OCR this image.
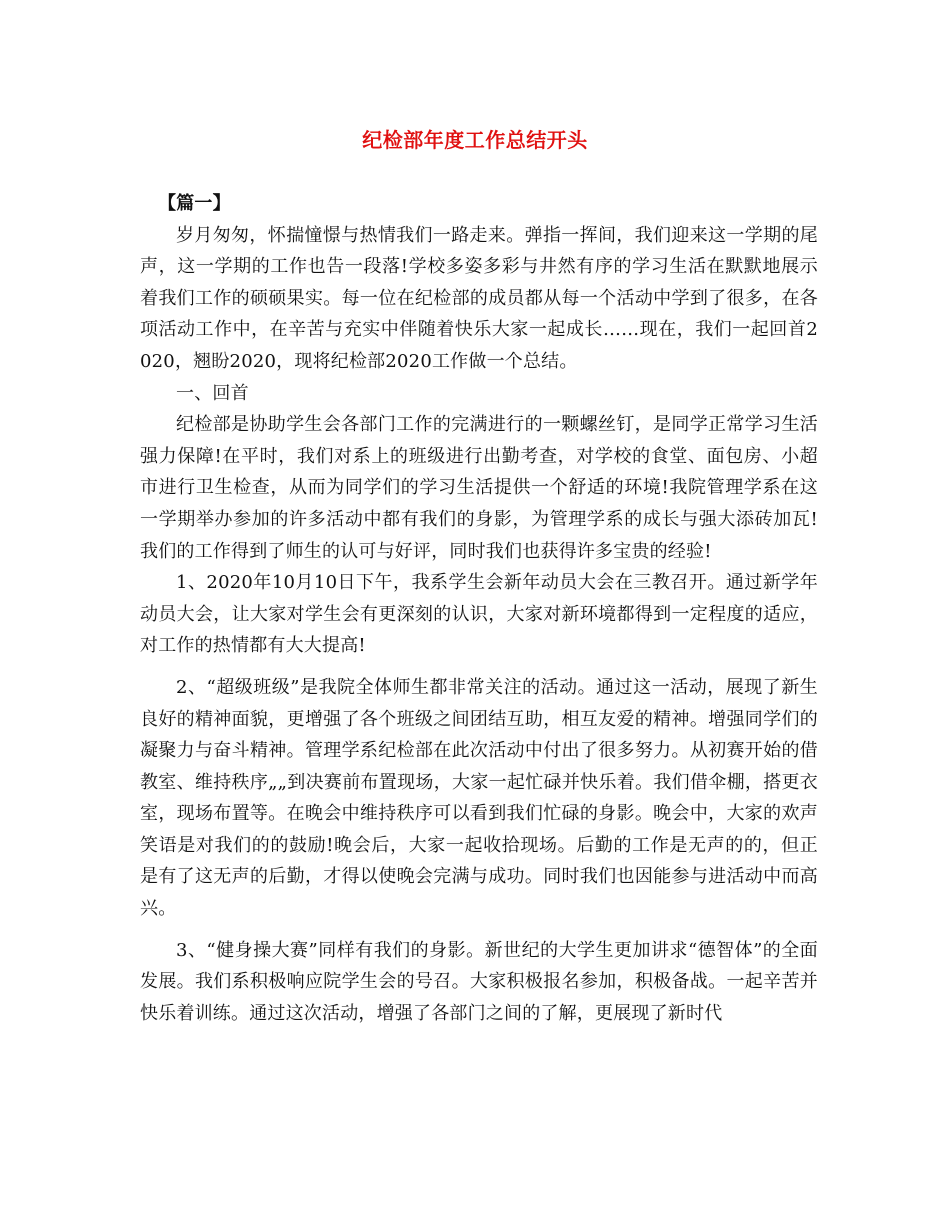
纪检部年度工作总结开头

【篇一】

岁月匆匆，怀揣憧憬与热情我们一路走来。弹指一挥间，我们迎来这一学期的尾声，这一学期的工作也告一段落!学校多姿多彩与井然有序的学习生活在默默地展示着我们工作的硕硕果实。每一位在纪检部的成员都从每一个活动中学到了很多，在各项活动工作中，在辛苦与充实中伴随着快乐大家一起成长……现在，我们一起回首2020，翘盼2020，现将纪检部2020工作做一个总结。

一、回首

纪检部是协助学生会各部门工作的完满进行的一颗螺丝钉，是同学正常学习生活强力保障!在平时，我们对系上的班级进行出勤考查，对学校的食堂、面包房、小超市进行卫生检查，从而为同学们的学习生活提供一个舒适的环境!我院管理学系在这一学期举办参加的许多活动中都有我们的身影，为管理学系的成长与强大添砖加瓦!我们的工作得到了师生的认可与好评，同时我们也获得许多宝贵的经验!

1、2020年10月10日下午，我系学生会新年动员大会在三教召开。通过新学年动员大会，让大家对学生会有更深刻的认识，大家对新环境都得到一定程度的适应，对工作的热情都有大大提高!

2、“超级班级”是我院全体师生都非常关注的活动。通过这一活动，展现了新生良好的精神面貌，更增强了各个班级之间团结互助，相互友爱的精神。增强同学们的凝聚力与奋斗精神。管理学系纪检部在此次活动中付出了很多努力。从初赛开始的借教室、维持秩序„„到决赛前布置现场，大家一起忙碌并快乐着。我们借伞棚，搭更衣室，现场布置等。在晚会中维持秩序可以看到我们忙碌的身影。晚会中，大家的欢声笑语是对我们的的鼓励!晚会后，大家一起收拾现场。后勤的工作是无声的的，但正是有了这无声的后勤，才得以使晚会完满与成功。同时我们也因能参与进活动中而高兴。

3、“健身操大赛”同样有我们的身影。新世纪的大学生更加讲求“德智体”的全面发展。我们系积极响应院学生会的号召。大家积极报名参加，积极备战。一起辛苦并快乐着训练。通过这次活动，增强了各部门之间的了解，更展现了新时代
